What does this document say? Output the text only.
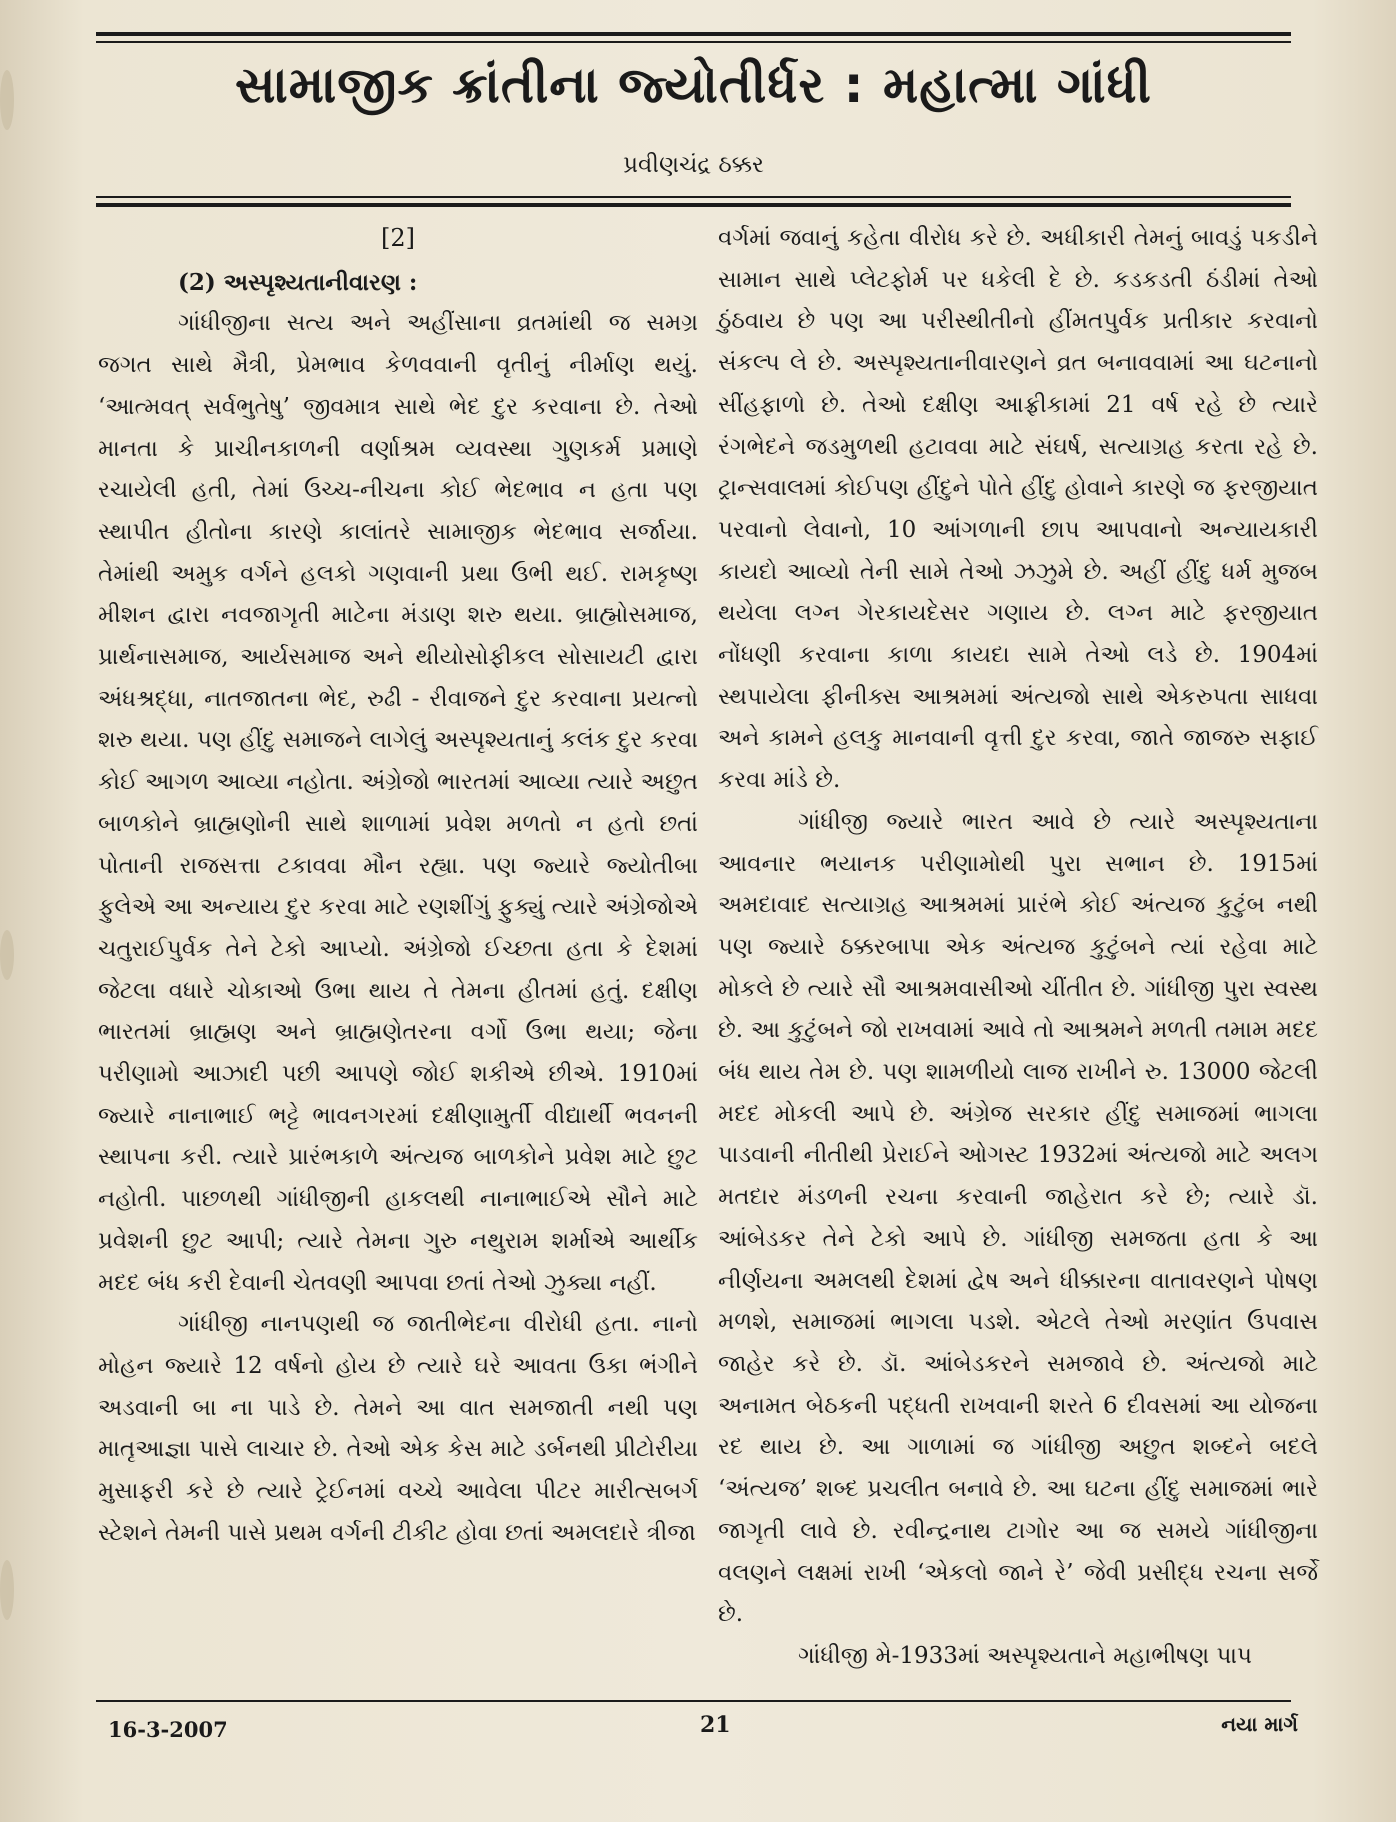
સામાજીક ક્રાંતીના જ્યોતીર્ધર : મહાત્મા ગાંધી
પ્રવીણચંદ્ર ઠક્કર
[2]

(2) અસ્પૃશ્યતાનીવારણ :

ગાંધીજીના સત્ય અને અહીંસાના વ્રતમાંથી જ સમગ્ર જગત સાથે મૈત્રી, પ્રેમભાવ કેળવવાની વૃતીનું નીર્માણ થયું. ‘આત્મવત્ સર્વભુતેષુ’ જીવમાત્ર સાથે ભેદ દુર કરવાના છે. તેઓ માનતા કે પ્રાચીનકાળની વર્ણાશ્રમ વ્યવસ્થા ગુણકર્મ પ્રમાણે રચાયેલી હતી, તેમાં ઉચ્ચ-નીચના કોઈ ભેદભાવ ન હતા પણ સ્થાપીત હીતોના કારણે કાલાંતરે સામાજીક ભેદભાવ સર્જાયા. તેમાંથી અમુક વર્ગને હલકો ગણવાની પ્રથા ઉભી થઈ. રામકૃષ્ણ મીશન દ્વારા નવજાગૃતી માટેના મંડાણ શરુ થયા. બ્રાહ્મોસમાજ, પ્રાર્થનાસમાજ, આર્યસમાજ અને થીયોસોફીકલ સોસાયટી દ્વારા અંધશ્રદ્ધા, નાતજાતના ભેદ, રુઢી - રીવાજને દુર કરવાના પ્રયત્નો શરુ થયા. પણ હીંદુ સમાજને લાગેલું અસ્પૃશ્યતાનું કલંક દુર કરવા કોઈ આગળ આવ્યા નહોતા. અંગ્રેજો ભારતમાં આવ્યા ત્યારે અછુત બાળકોને બ્રાહ્મણોની સાથે શાળામાં પ્રવેશ મળતો ન હતો છતાં પોતાની રાજસત્તા ટકાવવા મૌન રહ્યા. પણ જ્યારે જ્યોતીબા ફુલેએ આ અન્યાય દુર કરવા માટે રણશીંગું ફુક્યું ત્યારે અંગ્રેજોએ ચતુરાઈપુર્વક તેને ટેકો આપ્યો. અંગ્રેજો ઈચ્છતા હતા કે દેશમાં જેટલા વધારે ચોકાઓ ઉભા થાય તે તેમના હીતમાં હતું. દક્ષીણ ભારતમાં બ્રાહ્મણ અને બ્રાહ્મણેતરના વર્ગો ઉભા થયા; જેના પરીણામો આઝાદી પછી આપણે જોઈ શકીએ છીએ. 1910માં જ્યારે નાનાભાઈ ભટ્ટે ભાવનગરમાં દક્ષીણામુર્તી વીદ્યાર્થી ભવનની સ્થાપના કરી. ત્યારે પ્રારંભકાળે અંત્યજ બાળકોને પ્રવેશ માટે છુટ નહોતી. પાછળથી ગાંધીજીની હાકલથી નાનાભાઈએ સૌને માટે પ્રવેશની છુટ આપી; ત્યારે તેમના ગુરુ નથુરામ શર્માએ આર્થીક મદદ બંધ કરી દેવાની ચેતવણી આપવા છતાં તેઓ ઝુક્યા નહીં.

ગાંધીજી નાનપણથી જ જાતીભેદના વીરોધી હતા. નાનો મોહન જ્યારે 12 વર્ષનો હોય છે ત્યારે ઘરે આવતા ઉકા ભંગીને અડવાની બા ના પાડે છે. તેમને આ વાત સમજાતી નથી પણ માતૃઆજ્ઞા પાસે લાચાર છે. તેઓ એક કેસ માટે ડર્બનથી પ્રીટોરીયા મુસાફરી કરે છે ત્યારે ટ્રેઈનમાં વચ્ચે આવેલા પીટર મારીત્સબર્ગ સ્ટેશને તેમની પાસે પ્રથમ વર્ગની ટીકીટ હોવા છતાં અમલદારે ત્રીજા

વર્ગમાં જવાનું કહેતા વીરોધ કરે છે. અધીકારી તેમનું બાવડું પકડીને સામાન સાથે પ્લેટફોર્મ પર ધકેલી દે છે. કડકડતી ઠંડીમાં તેઓ ઠુંઠવાય છે પણ આ પરીસ્થીતીનો હીંમતપુર્વક પ્રતીકાર કરવાનો સંકલ્પ લે છે. અસ્પૃશ્યતાનીવારણને વ્રત બનાવવામાં આ ઘટનાનો સીંહફાળો છે. તેઓ દક્ષીણ આફ્રીકામાં 21 વર્ષ રહે છે ત્યારે રંગભેદને જડમુળથી હટાવવા માટે સંઘર્ષ, સત્યાગ્રહ કરતા રહે છે. ટ્રાન્સવાલમાં કોઈપણ હીંદુને પોતે હીંદુ હોવાને કારણે જ ફરજીયાત પરવાનો લેવાનો, 10 આંગળાની છાપ આપવાનો અન્યાયકારી કાયદો આવ્યો તેની સામે તેઓ ઝઝુમે છે. અહીં હીંદુ ધર્મ મુજબ થયેલા લગ્ન ગેરકાયદેસર ગણાય છે. લગ્ન માટે ફરજીયાત નોંધણી કરવાના કાળા કાયદા સામે તેઓ લડે છે. 1904માં સ્થપાયેલા ફીનીક્સ આશ્રમમાં અંત્યજો સાથે એકરુપતા સાધવા અને કામને હલકુ માનવાની વૃત્તી દુર કરવા, જાતે જાજરુ સફાઈ કરવા માંડે છે.

ગાંધીજી જ્યારે ભારત આવે છે ત્યારે અસ્પૃશ્યતાના આવનાર ભયાનક પરીણામોથી પુરા સભાન છે. 1915માં અમદાવાદ સત્યાગ્રહ આશ્રમમાં પ્રારંભે કોઈ અંત્યજ કુટુંબ નથી પણ જ્યારે ઠક્કરબાપા એક અંત્યજ કુટુંબને ત્યાં રહેવા માટે મોકલે છે ત્યારે સૌ આશ્રમવાસીઓ ચીંતીત છે. ગાંધીજી પુરા સ્વસ્થ છે. આ કુટુંબને જો રાખવામાં આવે તો આશ્રમને મળતી તમામ મદદ બંધ થાય તેમ છે. પણ શામળીયો લાજ રાખીને રુ. 13000 જેટલી મદદ મોકલી આપે છે. અંગ્રેજ સરકાર હીંદુ સમાજમાં ભાગલા પાડવાની નીતીથી પ્રેરાઈને ઓગસ્ટ 1932માં અંત્યજો માટે અલગ મતદાર મંડળની રચના કરવાની જાહેરાત કરે છે; ત્યારે ડૉ. આંબેડકર તેને ટેકો આપે છે. ગાંધીજી સમજતા હતા કે આ નીર્ણયના અમલથી દેશમાં દ્વેષ અને ધીક્કારના વાતાવરણને પોષણ મળશે, સમાજમાં ભાગલા પડશે. એટલે તેઓ મરણાંત ઉપવાસ જાહેર કરે છે. ડૉ. આંબેડકરને સમજાવે છે. અંત્યજો માટે અનામત બેઠકની પદ્ધતી રાખવાની શરતે 6 દીવસમાં આ યોજના રદ થાય છે. આ ગાળામાં જ ગાંધીજી અછુત શબ્દને બદલે ‘અંત્યજ’ શબ્દ પ્રચલીત બનાવે છે. આ ઘટના હીંદુ સમાજમાં ભારે જાગૃતી લાવે છે. રવીન્દ્રનાથ ટાગોર આ જ સમયે ગાંધીજીના વલણને લક્ષમાં રાખી ‘એકલો જાને રે’ જેવી પ્રસીદ્ધ રચના સર્જે છે.

ગાંધીજી મે-1933માં અસ્પૃશ્યતાને મહાભીષણ પાપ

16-3-2007	21	નયા માર્ગ
